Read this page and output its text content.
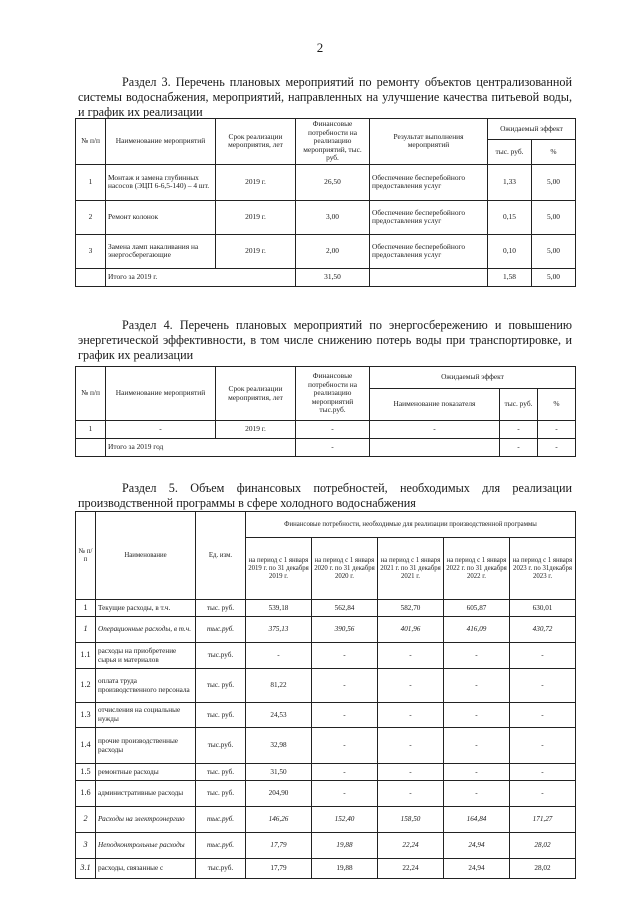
2
Раздел 3. Перечень плановых мероприятий по ремонту объектов централизованной системы водоснабжения, мероприятий, направленных на улучшение качества питьевой воды, и график их реализации
№ п/п	Наименование мероприятий	Срок реализации мероприятия, лет	Финансовые потребности на реализацию мероприятий, тыс. руб.	Результат выполнения мероприятий	Ожидаемый эффект	
					тыс. руб.	%
1	Монтаж и замена глубинных насосов (ЭЦП 6-6,5-140) – 4 шт.	2019 г.	26,50	Обеспечение бесперебойного предоставления услуг	1,33	5,00
2	Ремонт колонок	2019 г.	3,00	Обеспечение бесперебойного предоставления услуг	0,15	5,00
3	Замена ламп накаливания на энергосберегающие	2019 г.	2,00	Обеспечение бесперебойного предоставления услуг	0,10	5,00
	Итого за 2019 г.		31,50		1,58	5,00
Раздел 4. Перечень плановых мероприятий по энергосбережению и повышению энергетической эффективности, в том числе снижению потерь воды при транспортировке, и график их реализации
№ п/п	Наименование мероприятий	Срок реализации мероприятия, лет	Финансовые потребности на реализацию мероприятий тыс.руб.	Ожидаемый эффект		
				Наименование показателя	тыс. руб.	%
1	-	2019 г.	-	-	-	-
	Итого за 2019 год		-		-	-
Раздел 5. Объем финансовых потребностей, необходимых для реализации производственной программы в сфере холодного водоснабжения
№ п/п	Наименование	Ед. изм.	Финансовые потребности, необходимые для реализации производственной программы				
			на период с 1 января 2019 г. по 31 декабря 2019 г.	на период с 1 января 2020 г. по 31 декабря 2020 г.	на период с 1 января 2021 г. по 31 декабря 2021 г.	на период с 1 января 2022 г. по 31 декабря 2022 г.	на период с 1 января 2023 г. по 31декабря 2023 г.
1	Текущие расходы, в т.ч.	тыс. руб.	539,18	562,84	582,70	605,87	630,01
1	Операционные расходы, в т.ч.	тыс.руб.	375,13	390,56	401,96	416,09	430,72
1.1	расходы на приобретение сырья и материалов	тыс.руб.	-	-	-	-	-
1.2	оплата труда производственного персонала	тыс. руб.	81,22	-	-	-	-
1.3	отчисления на социальные нужды	тыс. руб.	24,53	-	-	-	-
1.4	прочие производственные расходы	тыс.руб.	32,98	-	-	-	-
1.5	ремонтные расходы	тыс. руб.	31,50	-	-	-	-
1.6	административные расходы	тыс. руб.	204,90	-	-	-	-
2	Расходы на электроэнергию	тыс.руб.	146,26	152,40	158,50	164,84	171,27
3	Неподконтрольные расходы	тыс.руб.	17,79	19,88	22,24	24,94	28,02
3.1	расходы, связанные с	тыс.руб.	17,79	19,88	22,24	24,94	28,02
